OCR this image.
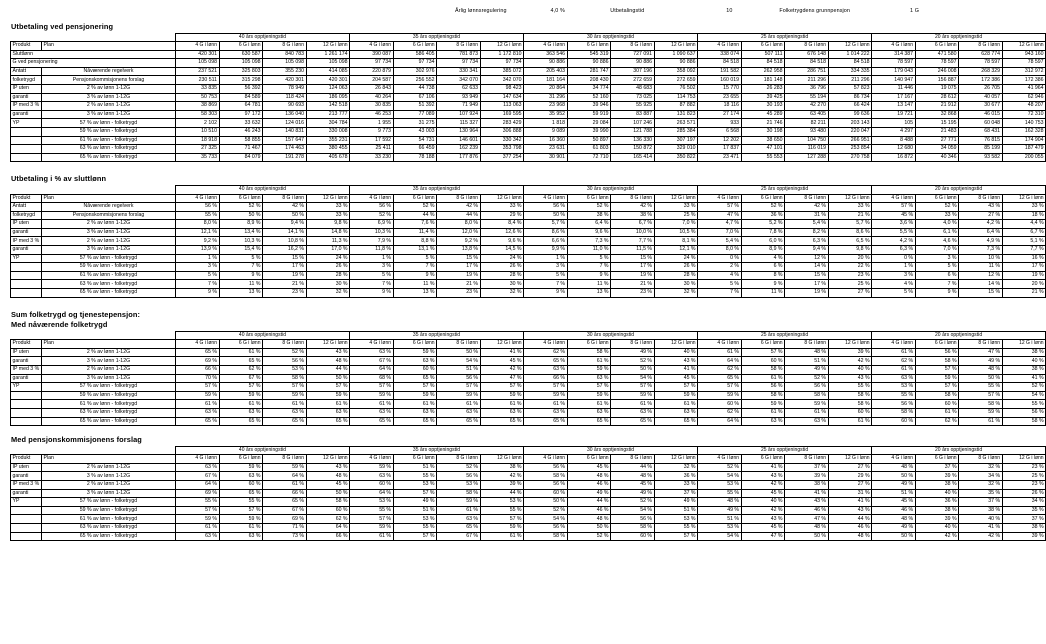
Årlig lønnsregulering	4,0 %	Utbetalingstid	10	Folketrygdens grunnpensjon	1 G
Utbetaling ved pensjonering
		40 års opptjeningstid				35 års opptjeningstid				30 års opptjeningstid				25 års opptjeningstid				20 års opptjeningstid			
Produkt	Plan	4 G i lønn	6 G i lønn	8 G i lønn	12 G i lønn	4 G i lønn	6 G i lønn	8 G i lønn	12 G i lønn	4 G i lønn	6 G i lønn	8 G i lønn	12 G i lønn	4 G i lønn	6 G i lønn	8 G i lønn	12 G i lønn	4 G i lønn	6 G i lønn	8 G i lønn	12 G i lønn
Sluttlønn		420 301	630 587	840 783	1 261 174	390 087	586 405	781 873	1 172 810	363 546	545 319	727 091	1 090 637	338 074	507 111	676 148	1 014 222	314 387	471 580	628 774	943 160
G ved pensjonering		105 098	105 098	105 098	105 098	97 734	97 734	97 734	97 734	90 886	90 886	90 886	90 886	84 518	84 518	84 518	84 518	78 597	78 597	78 597	78 597
Antatt	Nåværende regelverk	237 521	325 803	355 230	414 085	220 879	302 976	330 341	385 072	205 403	281 747	307 196	358 092	191 582	262 958	286 751	334 335	179 043	246 008	268 329	312 972
folketrygd	Pensjonskommisjonens forslag	230 511	315 298	420 301	420 301	204 587	256 552	342 070	342 070	181 164	208 430	272 659	272 659	160 019	181 148	211 296	211 296	140 947	156 887	172 386	172 386
IP uten	2 % av lønn 1-12G	33 835	56 392	78 949	124 063	26 843	44 738	62 633	98 423	20 864	34 774	48 683	76 502	15 770	26 283	36 796	57 823	11 446	19 075	26 705	41 964
garanti	3 % av lønn 1-12G	50 753	84 589	118 424	186 095	40 264	67 106	93 949	147 634	31 296	52 160	73 025	114 753	23 655	39 425	55 194	86 734	17 167	28 612	40 057	62 946
IP med 3 %	2 % av lønn 1-12G	38 869	64 781	90 693	142 518	30 835	51 392	71 949	113 063	23 968	39 946	55 925	87 882	18 116	30 193	42 270	66 424	13 147	21 912	30 677	48 207
garanti	3 % av lønn 1-12G	58 303	97 172	136 040	213 777	46 253	77 089	107 924	169 595	35 952	59 919	83 887	131 823	27 174	45 289	63 405	99 636	19 721	32 868	46 015	72 310
YP	57 % av lønn - folketrygd	2 102	33 632	124 016	304 784	1 955	31 275	115 327	283 429	1 818	29 084	107 246	263 571	933	21 746	82 211	203 143	105	15 195	60 048	140 753
	59 % av lønn - folketrygd	10 510	46 243	140 831	330 008	9 773	43 003	130 964	306 888	9 089	39 990	121 788	285 384	6 568	30 198	93 480	220 047	4 297	21 483	68 431	162 328
	61 % av lønn - folketrygd	18 918	58 855	157 647	355 231	17 592	54 731	146 601	330 342	16 360	50 897	136 330	307 197	12 202	38 650	104 750	266 951	8 488	27 771	76 815	174 904
	63 % av lønn - folketrygd	27 325	71 467	174 463	380 455	25 411	66 459	162 239	353 798	23 631	61 803	150 872	329 010	17 837	47 101	116 019	253 854	12 680	34 059	85 199	187 479
	65 % av lønn - folketrygd	35 733	84 079	191 278	405 678	33 230	78 188	177 876	377 254	30 901	72 710	165 414	350 822	23 471	55 553	127 288	270 758	16 872	40 346	93 582	200 055
Utbetaling i % av sluttlønn
		40 års opptjeningstid				35 års opptjeningstid				30 års opptjeningstid				25 års opptjeningstid				20 års opptjeningstid			
Produkt	Plan	4 G i lønn	6 G i lønn	8 G i lønn	12 G i lønn	4 G i lønn	6 G i lønn	8 G i lønn	12 G i lønn	4 G i lønn	6 G i lønn	8 G i lønn	12 G i lønn	4 G i lønn	6 G i lønn	8 G i lønn	12 G i lønn	4 G i lønn	6 G i lønn	8 G i lønn	12 G i lønn
Antatt	Nåværende regelverk	56 %	52 %	42 %	33 %	56 %	52 %	42 %	33 %	56 %	52 %	42 %	33 %	57 %	52 %	42 %	33 %	57 %	52 %	43 %	33 %
folketrygd	Pensjonskommisjonens forslag	55 %	50 %	50 %	33 %	52 %	44 %	44 %	29 %	50 %	38 %	38 %	25 %	47 %	36 %	31 %	21 %	45 %	33 %	27 %	18 %
IP uten	2 % av lønn 1-12G	8,0 %	8,9 %	9,4 %	9,8 %	6,9 %	7,6 %	8,0 %	8,4 %	5,7 %	6,4 %	6,7 %	7,0 %	4,7 %	5,2 %	5,4 %	5,7 %	3,6 %	4,0 %	4,2 %	4,4 %
garanti	3 % av lønn 1-12G	12,1 %	13,4 %	14,1 %	14,8 %	10,3 %	11,4 %	12,0 %	12,6 %	8,6 %	9,6 %	10,0 %	10,5 %	7,0 %	7,8 %	8,2 %	8,6 %	5,5 %	6,1 %	6,4 %	6,7 %
IP med 3 %	2 % av lønn 1-12G	9,2 %	10,3 %	10,8 %	11,3 %	7,9 %	8,8 %	9,2 %	9,6 %	6,6 %	7,3 %	7,7 %	8,1 %	5,4 %	6,0 %	6,3 %	6,5 %	4,2 %	4,6 %	4,9 %	5,1 %
garanti	3 % av lønn 1-12G	13,9 %	15,4 %	16,2 %	17,0 %	11,8 %	13,1 %	13,8 %	14,5 %	9,9 %	11,0 %	11,5 %	12,1 %	8,0 %	8,9 %	9,4 %	9,8 %	6,3 %	7,0 %	7,3 %	7,7 %
YP	57 % av lønn - folketrygd	1 %	5 %	15 %	24 %	1 %	5 %	15 %	24 %	1 %	5 %	15 %	24 %	0 %	4 %	12 %	20 %	0 %	3 %	10 %	16 %
	59 % av lønn - folketrygd	3 %	7 %	17 %	26 %	3 %	7 %	17 %	26 %	3 %	7 %	17 %	26 %	2 %	6 %	14 %	22 %	1 %	5 %	11 %	17 %
	61 % av lønn - folketrygd	5 %	9 %	19 %	28 %	5 %	9 %	19 %	28 %	5 %	9 %	19 %	28 %	4 %	8 %	15 %	23 %	3 %	6 %	12 %	19 %
	63 % av lønn - folketrygd	7 %	11 %	21 %	30 %	7 %	11 %	21 %	30 %	7 %	11 %	21 %	30 %	5 %	9 %	17 %	25 %	4 %	7 %	14 %	20 %
	65 % av lønn - folketrygd	9 %	13 %	23 %	32 %	9 %	13 %	23 %	32 %	9 %	13 %	23 %	32 %	7 %	11 %	19 %	27 %	5 %	9 %	15 %	21 %
Sum folketrygd og tjenestepensjon:
Med nåværende folketrygd
		40 års opptjeningstid				35 års opptjeningstid				30 års opptjeningstid				25 års opptjeningstid				20 års opptjeningstid			
Produkt	Plan	4 G i lønn	6 G i lønn	8 G i lønn	12 G i lønn	4 G i lønn	6 G i lønn	8 G i lønn	12 G i lønn	4 G i lønn	6 G i lønn	8 G i lønn	12 G i lønn	4 G i lønn	6 G i lønn	8 G i lønn	12 G i lønn	4 G i lønn	6 G i lønn	8 G i lønn	12 G i lønn
IP uten	2 % av lønn 1-12G	65 %	61 %	52 %	43 %	63 %	59 %	50 %	41 %	62 %	58 %	49 %	40 %	61 %	57 %	48 %	39 %	61 %	56 %	47 %	38 %
garanti	3 % av lønn 1-12G	69 %	65 %	56 %	48 %	67 %	63 %	54 %	45 %	65 %	61 %	52 %	43 %	64 %	60 %	51 %	42 %	62 %	58 %	49 %	40 %
IP med 3 %	2 % av lønn 1-12G	66 %	62 %	53 %	44 %	64 %	60 %	51 %	42 %	63 %	59 %	50 %	41 %	62 %	58 %	49 %	40 %	61 %	57 %	48 %	38 %
garanti	3 % av lønn 1-12G	70 %	67 %	58 %	50 %	68 %	65 %	56 %	47 %	66 %	63 %	54 %	45 %	65 %	61 %	52 %	43 %	63 %	59 %	50 %	41 %
YP	57 % av lønn - folketrygd	57 %	57 %	57 %	57 %	57 %	57 %	57 %	57 %	57 %	57 %	57 %	57 %	57 %	56 %	56 %	55 %	53 %	57 %	55 %	52 %
	59 % av lønn - folketrygd	59 %	59 %	59 %	59 %	59 %	59 %	59 %	59 %	59 %	59 %	59 %	59 %	59 %	58 %	58 %	58 %	55 %	58 %	57 %	54 %
	61 % av lønn - folketrygd	61 %	61 %	61 %	61 %	61 %	61 %	61 %	61 %	61 %	61 %	61 %	61 %	60 %	59 %	59 %	58 %	56 %	60 %	58 %	55 %
	63 % av lønn - folketrygd	63 %	63 %	63 %	63 %	63 %	63 %	63 %	63 %	63 %	63 %	63 %	63 %	62 %	61 %	61 %	60 %	58 %	61 %	59 %	56 %
	65 % av lønn - folketrygd	65 %	65 %	65 %	65 %	65 %	65 %	65 %	65 %	65 %	65 %	65 %	65 %	64 %	63 %	63 %	61 %	60 %	62 %	61 %	58 %
Med pensjonskommisjonens forslag
		40 års opptjeningstid				35 års opptjeningstid				30 års opptjeningstid				25 års opptjeningstid				20 års opptjeningstid			
Produkt	Plan	4 G i lønn	6 G i lønn	8 G i lønn	12 G i lønn	4 G i lønn	6 G i lønn	8 G i lønn	12 G i lønn	4 G i lønn	6 G i lønn	8 G i lønn	12 G i lønn	4 G i lønn	6 G i lønn	8 G i lønn	12 G i lønn	4 G i lønn	6 G i lønn	8 G i lønn	12 G i lønn
IP uten	2 % av lønn 1-12G	63 %	59 %	59 %	43 %	59 %	51 %	52 %	38 %	56 %	45 %	44 %	32 %	52 %	41 %	37 %	27 %	48 %	37 %	32 %	23 %
garanti	3 % av lønn 1-12G	67 %	63 %	64 %	48 %	63 %	55 %	56 %	42 %	58 %	48 %	48 %	36 %	54 %	43 %	39 %	29 %	50 %	39 %	34 %	25 %
IP med 3 %	2 % av lønn 1-12G	64 %	60 %	61 %	45 %	60 %	53 %	53 %	39 %	56 %	46 %	45 %	33 %	53 %	42 %	38 %	27 %	49 %	38 %	32 %	23 %
garanti	3 % av lønn 1-12G	69 %	65 %	66 %	50 %	64 %	57 %	58 %	44 %	60 %	49 %	49 %	37 %	55 %	45 %	41 %	31 %	51 %	40 %	35 %	26 %
YP	57 % av lønn - folketrygd	55 %	55 %	65 %	58 %	53 %	49 %	59 %	53 %	50 %	44 %	52 %	49 %	48 %	40 %	43 %	41 %	45 %	36 %	37 %	34 %
	59 % av lønn - folketrygd	57 %	57 %	67 %	60 %	55 %	51 %	61 %	55 %	52 %	46 %	54 %	51 %	49 %	42 %	46 %	43 %	46 %	38 %	38 %	35 %
	61 % av lønn - folketrygd	59 %	59 %	69 %	62 %	57 %	53 %	63 %	57 %	54 %	48 %	56 %	53 %	51 %	43 %	47 %	44 %	48 %	39 %	40 %	37 %
	63 % av lønn - folketrygd	61 %	61 %	71 %	64 %	59 %	55 %	65 %	59 %	56 %	50 %	58 %	55 %	53 %	45 %	48 %	46 %	49 %	40 %	41 %	38 %
	65 % av lønn - folketrygd	63 %	63 %	73 %	66 %	61 %	57 %	67 %	61 %	58 %	52 %	60 %	57 %	54 %	47 %	50 %	48 %	50 %	42 %	42 %	39 %
